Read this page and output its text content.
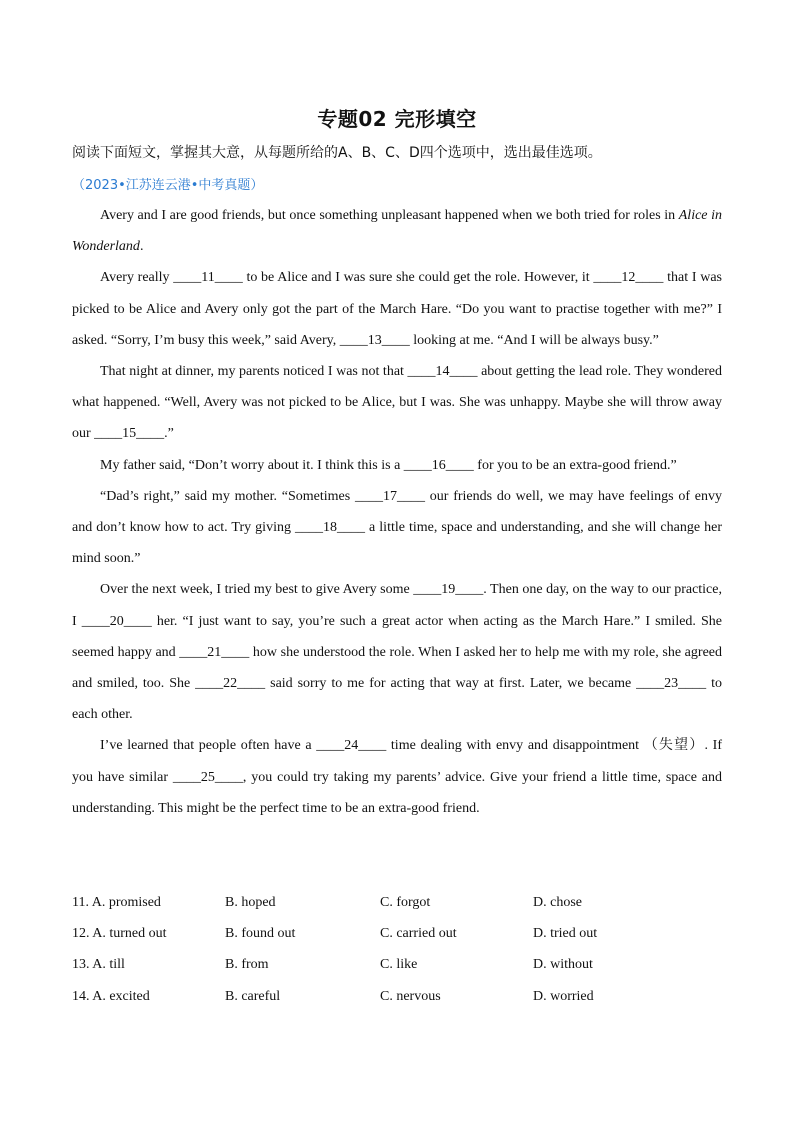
专题02 完形填空
阅读下面短文，掌握其大意，从每题所给的A、B、C、D四个选项中，选出最佳选项。
（2023•江苏连云港•中考真题）

Avery and I are good friends, but once something unpleasant happened when we both tried for roles in Alice in Wonderland.

Avery really ____11____ to be Alice and I was sure she could get the role. However, it ____12____ that I was picked to be Alice and Avery only got the part of the March Hare. “Do you want to practise together with me?” I asked. “Sorry, I’m busy this week,” said Avery, ____13____ looking at me. “And I will be always busy.”

That night at dinner, my parents noticed I was not that ____14____ about getting the lead role. They wondered what happened. “Well, Avery was not picked to be Alice, but I was. She was unhappy. Maybe she will throw away our ____15____.”

My father said, “Don’t worry about it. I think this is a ____16____ for you to be an extra-good friend.”

“Dad’s right,” said my mother. “Sometimes ____17____ our friends do well, we may have feelings of envy and don’t know how to act. Try giving ____18____ a little time, space and understanding, and she will change her mind soon.”

Over the next week, I tried my best to give Avery some ____19____. Then one day, on the way to our practice, I ____20____ her. “I just want to say, you’re such a great actor when acting as the March Hare.” I smiled. She seemed happy and ____21____ how she understood the role. When I asked her to help me with my role, she agreed and smiled, too. She ____22____ said sorry to me for acting that way at first. Later, we became ____23____ to each other.

I’ve learned that people often have a ____24____ time dealing with envy and disappointment （失望）. If you have similar ____25____, you could try taking my parents’ advice. Give your friend a little time, space and understanding. This might be the perfect time to be an extra-good friend.

11. A. promised	B. hoped	C. forgot	D. chose
12. A. turned out	B. found out	C. carried out	D. tried out
13. A. till	B. from	C. like	D. without
14. A. excited	B. careful	C. nervous	D. worried
